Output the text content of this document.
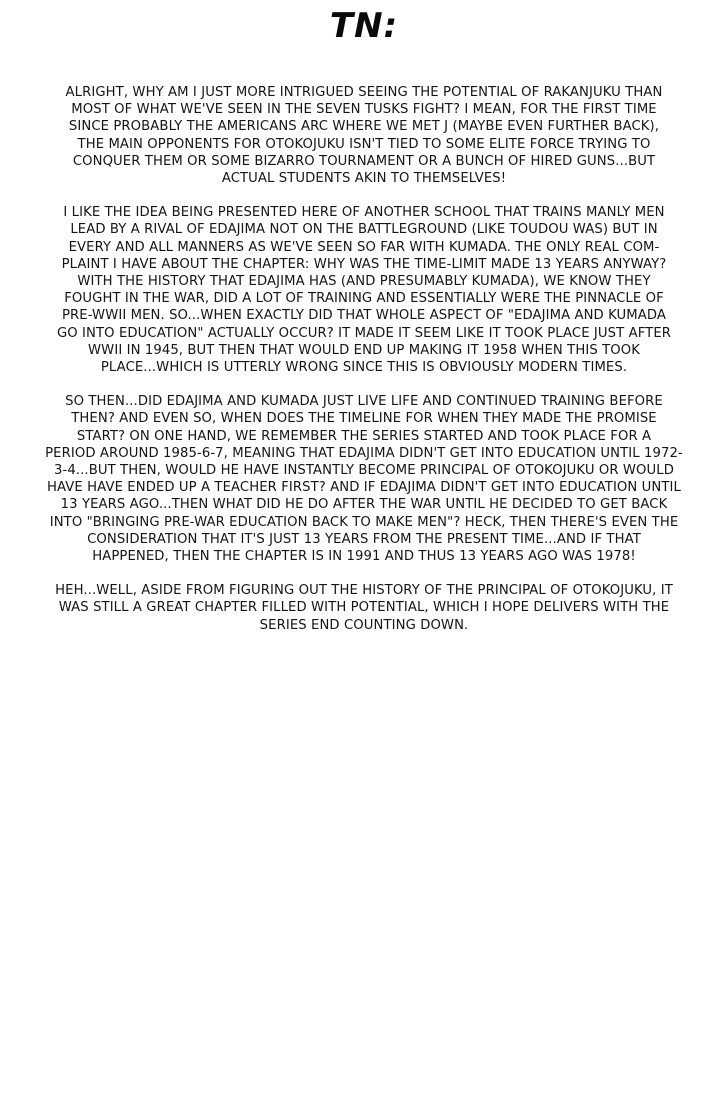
TN:
ALRIGHT, WHY AM I JUST MORE INTRIGUED SEEING THE POTENTIAL OF RAKANJUKU THAN
MOST OF WHAT WE'VE SEEN IN THE SEVEN TUSKS FIGHT? I MEAN, FOR THE FIRST TIME
SINCE PROBABLY THE AMERICANS ARC WHERE WE MET J (MAYBE EVEN FURTHER BACK),
THE MAIN OPPONENTS FOR OTOKOJUKU ISN'T TIED TO SOME ELITE FORCE TRYING TO
CONQUER THEM OR SOME BIZARRO TOURNAMENT OR A BUNCH OF HIRED GUNS...BUT
ACTUAL STUDENTS AKIN TO THEMSELVES!
I LIKE THE IDEA BEING PRESENTED HERE OF ANOTHER SCHOOL THAT TRAINS MANLY MEN
LEAD BY A RIVAL OF EDAJIMA NOT ON THE BATTLEGROUND (LIKE TOUDOU WAS) BUT IN
EVERY AND ALL MANNERS AS WE'VE SEEN SO FAR WITH KUMADA. THE ONLY REAL COM-
PLAINT I HAVE ABOUT THE CHAPTER: WHY WAS THE TIME-LIMIT MADE 13 YEARS ANYWAY?
WITH THE HISTORY THAT EDAJIMA HAS (AND PRESUMABLY KUMADA), WE KNOW THEY
FOUGHT IN THE WAR, DID A LOT OF TRAINING AND ESSENTIALLY WERE THE PINNACLE OF
PRE-WWII MEN. SO...WHEN EXACTLY DID THAT WHOLE ASPECT OF "EDAJIMA AND KUMADA
GO INTO EDUCATION" ACTUALLY OCCUR? IT MADE IT SEEM LIKE IT TOOK PLACE JUST AFTER
WWII IN 1945, BUT THEN THAT WOULD END UP MAKING IT 1958 WHEN THIS TOOK
PLACE...WHICH IS UTTERLY WRONG SINCE THIS IS OBVIOUSLY MODERN TIMES.
SO THEN...DID EDAJIMA AND KUMADA JUST LIVE LIFE AND CONTINUED TRAINING BEFORE
THEN? AND EVEN SO, WHEN DOES THE TIMELINE FOR WHEN THEY MADE THE PROMISE
START? ON ONE HAND, WE REMEMBER THE SERIES STARTED AND TOOK PLACE FOR A
PERIOD AROUND 1985-6-7, MEANING THAT EDAJIMA DIDN'T GET INTO EDUCATION UNTIL 1972-
3-4...BUT THEN, WOULD HE HAVE INSTANTLY BECOME PRINCIPAL OF OTOKOJUKU OR WOULD
HAVE HAVE ENDED UP A TEACHER FIRST? AND IF EDAJIMA DIDN'T GET INTO EDUCATION UNTIL
13 YEARS AGO...THEN WHAT DID HE DO AFTER THE WAR UNTIL HE DECIDED TO GET BACK
INTO "BRINGING PRE-WAR EDUCATION BACK TO MAKE MEN"? HECK, THEN THERE'S EVEN THE
CONSIDERATION THAT IT'S JUST 13 YEARS FROM THE PRESENT TIME...AND IF THAT
HAPPENED, THEN THE CHAPTER IS IN 1991 AND THUS 13 YEARS AGO WAS 1978!
HEH...WELL, ASIDE FROM FIGURING OUT THE HISTORY OF THE PRINCIPAL OF OTOKOJUKU, IT
WAS STILL A GREAT CHAPTER FILLED WITH POTENTIAL, WHICH I HOPE DELIVERS WITH THE
SERIES END COUNTING DOWN.
